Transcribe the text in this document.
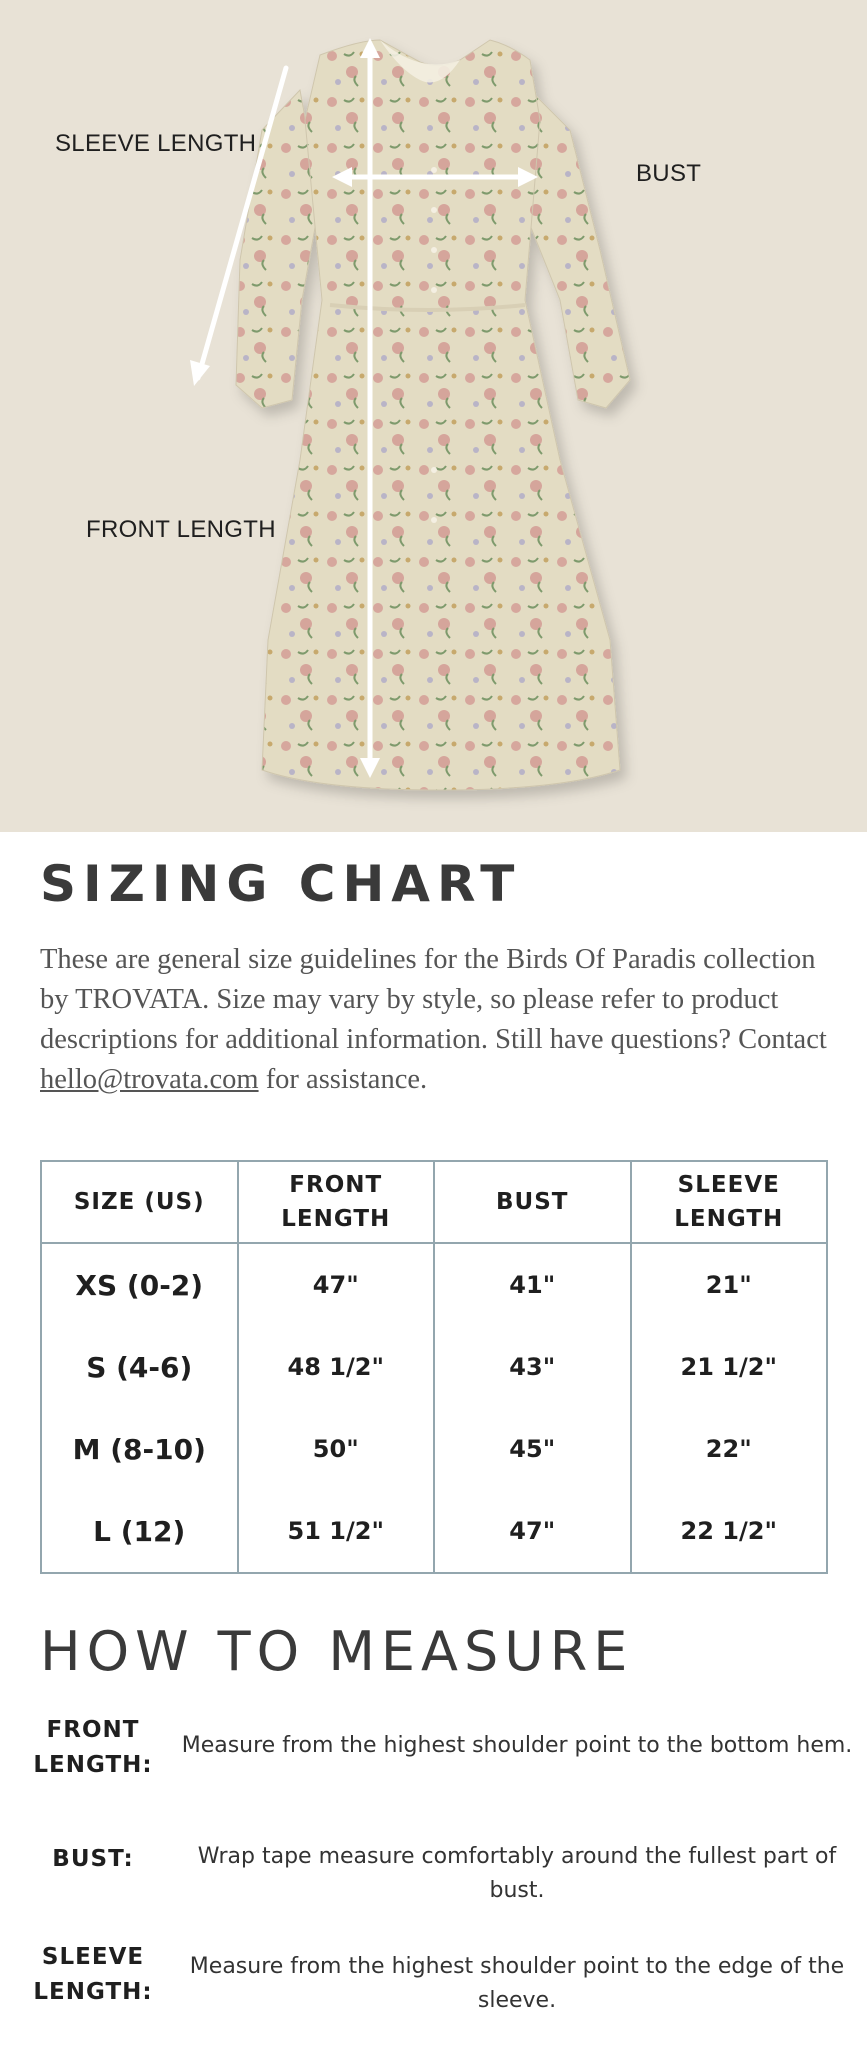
SLEEVE LENGTH
BUST
FRONT LENGTH
SIZING CHART

These are general size guidelines for the Birds Of Paradis collection by TROVATA. Size may vary by style, so please refer to product descriptions for additional information. Still have questions? Contact hello@trovata.com for assistance.

SIZE (US)	FRONT LENGTH	BUST	SLEEVE LENGTH
XS (0-2)	47"	41"	21"
S (4-6)	48 1/2"	43"	21 1/2"
M (8-10)	50"	45"	22"
L (12)	51 1/2"	47"	22 1/2"
HOW TO MEASURE
FRONT LENGTH:
Measure from the highest shoulder point to the bottom hem.
BUST:	Wrap tape measure comfortably around the fullest part of bust.
SLEEVE LENGTH:
Measure from the highest shoulder point to the edge of the sleeve.
